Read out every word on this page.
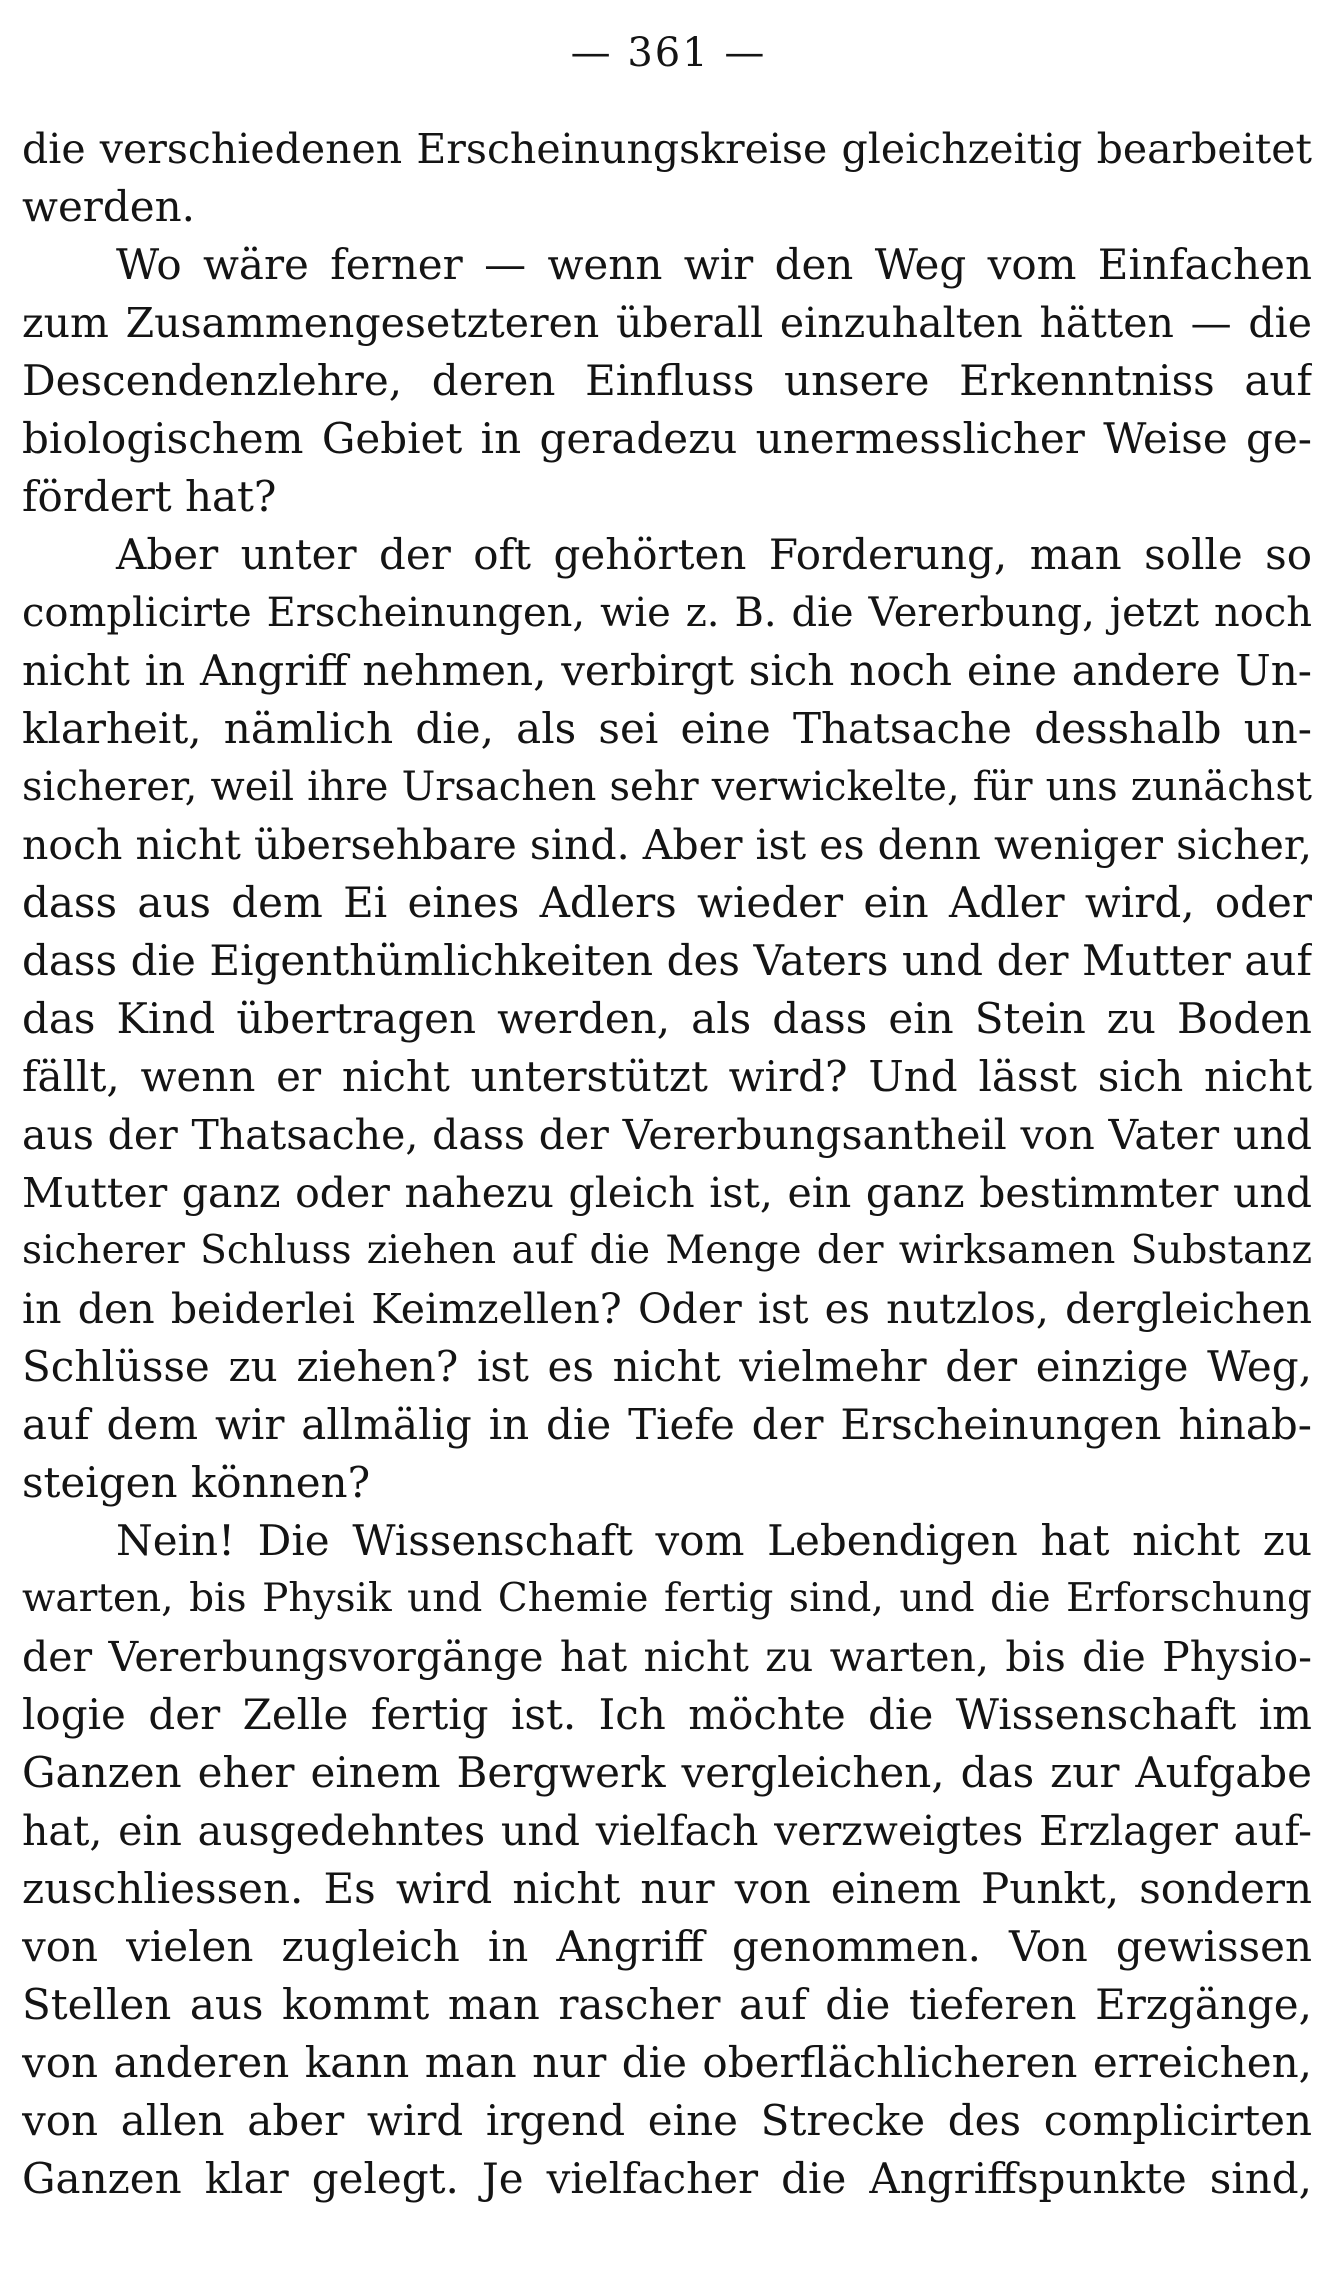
— 361 —
die verschiedenen Erscheinungskreise gleichzeitig bearbeitet
werden.
Wo wäre ferner — wenn wir den Weg vom Einfachen
zum Zusammengesetzteren überall einzuhalten hätten — die
Descendenzlehre, deren Einfluss unsere Erkenntniss auf
biologischem Gebiet in geradezu unermesslicher Weise ge-
fördert hat?
Aber unter der oft gehörten Forderung, man solle so
complicirte Erscheinungen, wie z. B. die Vererbung, jetzt noch
nicht in Angriff nehmen, verbirgt sich noch eine andere Un-
klarheit, nämlich die, als sei eine Thatsache desshalb un-
sicherer, weil ihre Ursachen sehr verwickelte, für uns zunächst
noch nicht übersehbare sind. Aber ist es denn weniger sicher,
dass aus dem Ei eines Adlers wieder ein Adler wird, oder
dass die Eigenthümlichkeiten des Vaters und der Mutter auf
das Kind übertragen werden, als dass ein Stein zu Boden
fällt, wenn er nicht unterstützt wird? Und lässt sich nicht
aus der Thatsache, dass der Vererbungsantheil von Vater und
Mutter ganz oder nahezu gleich ist, ein ganz bestimmter und
sicherer Schluss ziehen auf die Menge der wirksamen Substanz
in den beiderlei Keimzellen? Oder ist es nutzlos, dergleichen
Schlüsse zu ziehen? ist es nicht vielmehr der einzige Weg,
auf dem wir allmälig in die Tiefe der Erscheinungen hinab-
steigen können?
Nein! Die Wissenschaft vom Lebendigen hat nicht zu
warten, bis Physik und Chemie fertig sind, und die Erforschung
der Vererbungsvorgänge hat nicht zu warten, bis die Physio-
logie der Zelle fertig ist. Ich möchte die Wissenschaft im
Ganzen eher einem Bergwerk vergleichen, das zur Aufgabe
hat, ein ausgedehntes und vielfach verzweigtes Erzlager auf-
zuschliessen. Es wird nicht nur von einem Punkt, sondern
von vielen zugleich in Angriff genommen. Von gewissen
Stellen aus kommt man rascher auf die tieferen Erzgänge,
von anderen kann man nur die oberflächlicheren erreichen,
von allen aber wird irgend eine Strecke des complicirten
Ganzen klar gelegt. Je vielfacher die Angriffspunkte sind,
